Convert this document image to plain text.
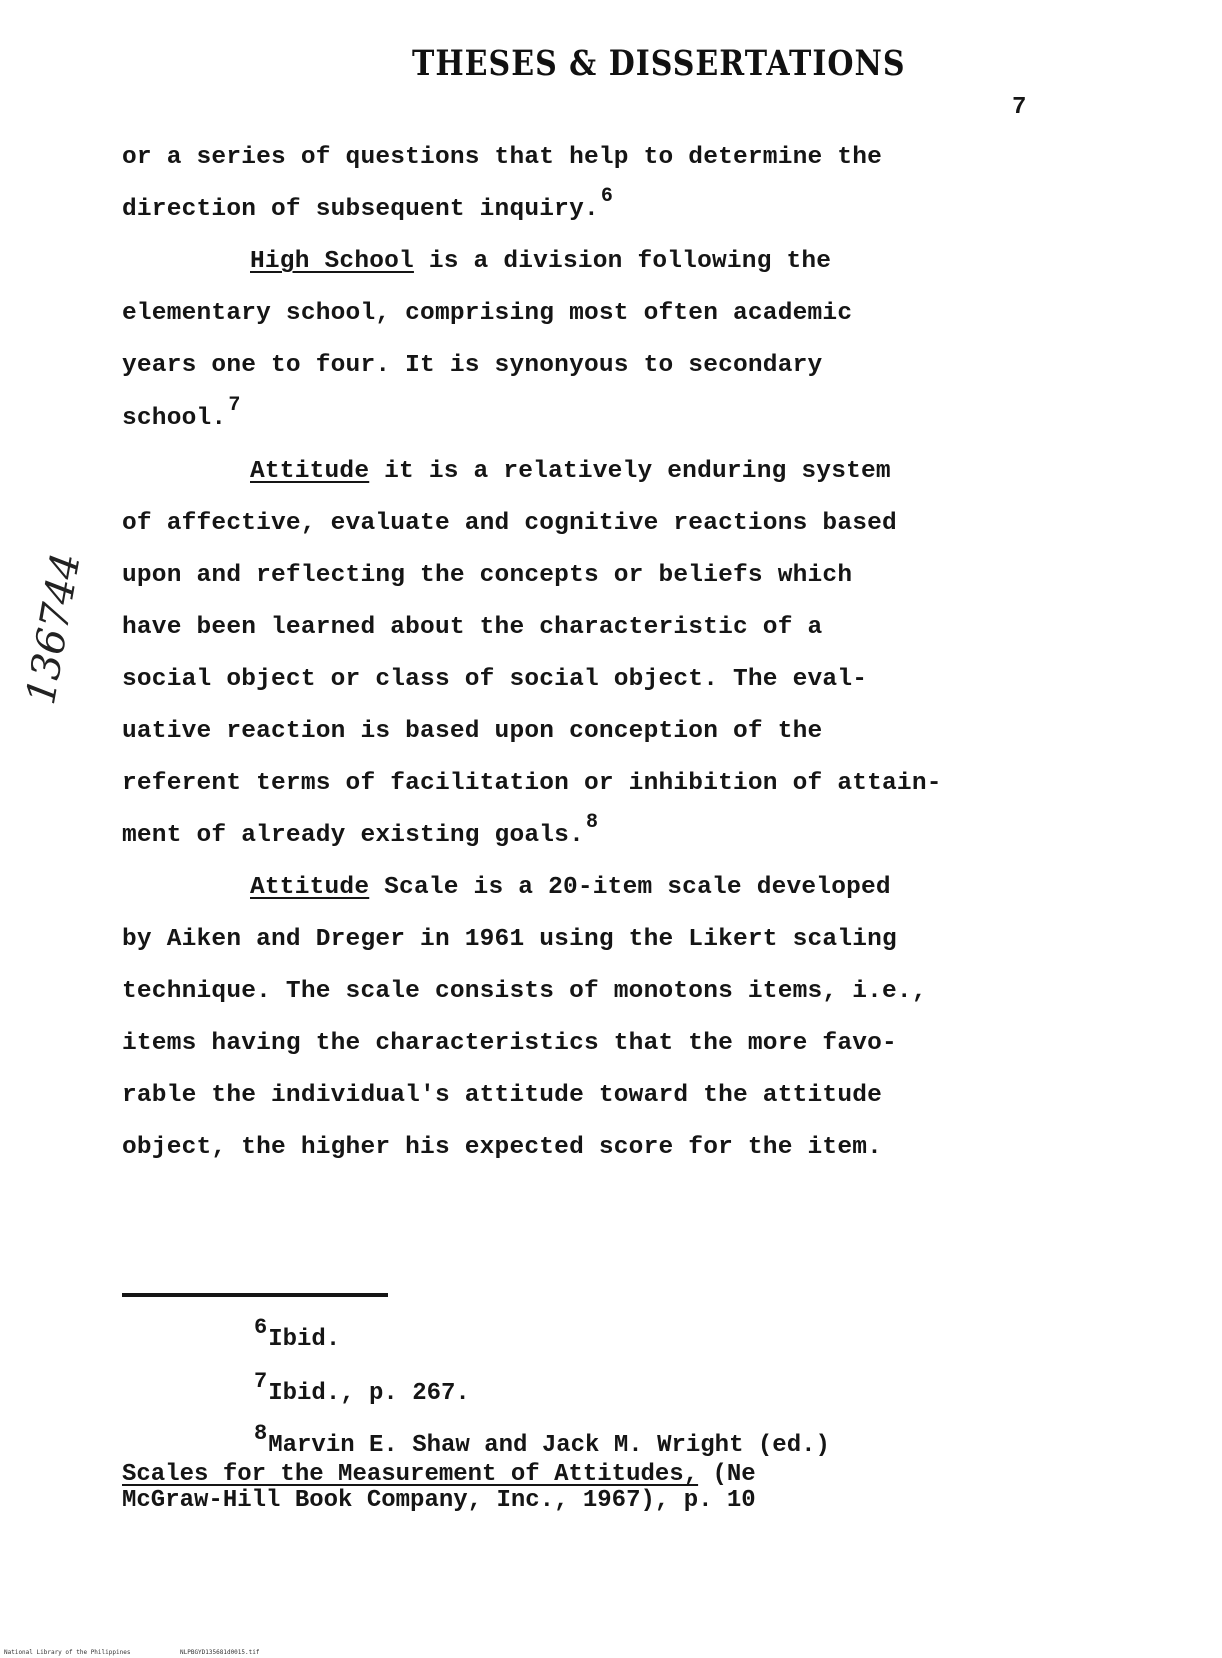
THESES & DISSERTATIONS
7
or a series of questions that help to determine the
direction of subsequent inquiry. $^6$
High School is a division following the
elementary school, comprising most often academic
years one to four. It is synonyous to secondary
school. $^7$
Attitude it is a relatively enduring system
of affective, evaluate and cognitive reactions based
upon and reflecting the concepts or beliefs which
have been learned about the characteristic of a
social object or class of social object. The eval-
uative reaction is based upon conception of the
referent terms of facilitation or inhibition of attain-
ment of already existing goals. $^8$
Attitude Scale is a 20-item scale developed
by Aiken and Dreger in 1961 using the Likert scaling
technique. The scale consists of monotons items, i.e.,
items having the characteristics that the more favo-
rable the individual's attitude toward the attitude
object, the higher his expected score for the item.
$^6$Ibid.
$^7$Ibid., p. 267.
$^8$Marvin E. Shaw and Jack M. Wright (ed.)
Scales for the Measurement of Attitudes, (Ne
McGraw-Hill Book Company, Inc., 1967), p. 10
136744
National Library of the Philippines	NLPBGYD135681d0015.tif
